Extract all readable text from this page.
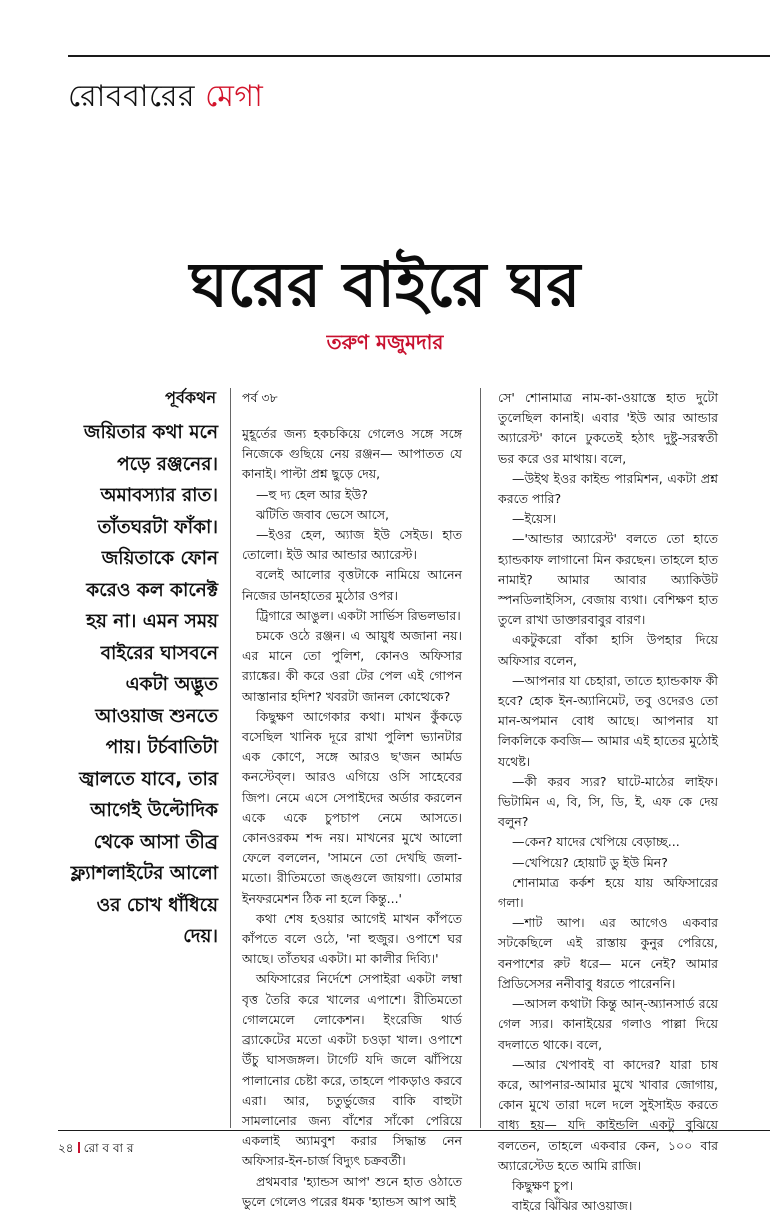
রোববারের মেগা
ঘরের বাইরে ঘর
তরুণ মজুমদার
পূর্বকথন

জয়িতার কথা মনে পড়ে রঞ্জনের। অমাবস্যার রাত। তাঁতঘরটা ফাঁকা। জয়িতাকে ফোন করেও কল কানেক্ট হয় না। এমন সময় বাইরের ঘাসবনে একটা অদ্ভুত আওয়াজ শুনতে পায়। টর্চবাতিটা জ্বালতে যাবে, তার আগেই উল্টোদিক থেকে আসা তীব্র ফ্ল্যাশলাইটের আলো ওর চোখ ধাঁধিয়ে দেয়।

পর্ব ৩৮

মুহূর্তের জন্য হকচকিয়ে গেলেও সঙ্গে সঙ্গে নিজেকে গুছিয়ে নেয় রঞ্জন— আপাতত যে কানাই। পাল্টা প্রশ্ন ছুড়ে দেয়,

—হু দ্য হেল আর ইউ?

ঝটিতি জবাব ভেসে আসে,

—ইওর হেল, অ্যাজ ইউ সেইড। হাত তোলো। ইউ আর আন্ডার অ্যারেস্ট।

বলেই আলোর বৃত্তটাকে নামিয়ে আনেন নিজের ডানহাতের মুঠোর ওপর।

ট্রিগারে আঙুল। একটা সার্ভিস রিভলভার।

চমকে ওঠে রঞ্জন। এ আয়ুধ অজানা নয়। এর মানে তো পুলিশ, কোনও অফিসার র‌্যাঙ্কের। কী করে ওরা টের পেল এই গোপন আস্তানার হদিশ? খবরটা জানল কোত্থেকে?

কিছুক্ষণ আগেকার কথা। মাখন কুঁকড়ে বসেছিল খানিক দূরে রাখা পুলিশ ভ্যানটার এক কোণে, সঙ্গে আরও ছ'জন আর্মড কনস্টেব্‌ল। আরও এগিয়ে ওসি সাহেবের জিপ। নেমে এসে সেপাইদের অর্ডার করলেন একে একে চুপচাপ নেমে আসতে। কোনওরকম শব্দ নয়। মাখনের মুখে আলো ফেলে বললেন, 'সামনে তো দেখছি জলা-মতো। রীতিমতো জঙ্গুলে জায়গা। তোমার ইনফরমেশন ঠিক না হলে কিন্তু...'

কথা শেষ হওয়ার আগেই মাখন কাঁপতে কাঁপতে বলে ওঠে, 'না হুজুর। ওপাশে ঘর আছে। তাঁতঘর একটা। মা কালীর দিব্যি।'

অফিসারের নির্দেশে সেপাইরা একটা লম্বা বৃত্ত তৈরি করে খালের এপাশে। রীতিমতো গোলমেলে লোকেশন। ইংরেজি থার্ড ব্র্যাকেটের মতো একটা চওড়া খাল। ওপাশে উঁচু ঘাসজঙ্গল। টার্গেট যদি জলে ঝাঁপিয়ে পালানোর চেষ্টা করে, তাহলে পাকড়াও করবে এরা। আর, চতুর্ভুজের বাকি বাহুটা সামলানোর জন্য বাঁশের সাঁকো পেরিয়ে একলাই অ্যামবুশ করার সিদ্ধান্ত নেন অফিসার-ইন-চার্জ বিদ্যুৎ চক্রবর্তী।

প্রথমবার 'হ্যান্ডস আপ' শুনে হাত ওঠাতে ভুলে গেলেও পরের ধমক 'হ্যান্ডস আপ আই

সে' শোনামাত্র নাম-কা-ওয়াস্তে হাত দুটো তুলেছিল কানাই। এবার 'ইউ আর আন্ডার অ্যারেস্ট' কানে ঢুকতেই হঠাৎ দুষ্টু-সরস্বতী ভর করে ওর মাথায়। বলে,

—উইথ ইওর কাইন্ড পারমিশন, একটা প্রশ্ন করতে পারি?

—ইয়েস।

—'আন্ডার অ্যারেস্ট' বলতে তো হাতে হ্যান্ডকাফ লাগানো মিন করছেন। তাহলে হাত নামাই? আমার আবার অ্যাকিউট স্পনডিলাইসিস, বেজায় ব্যথা। বেশিক্ষণ হাত তুলে রাখা ডাক্তারবাবুর বারণ।

একটুকরো বাঁকা হাসি উপহার দিয়ে অফিসার বলেন,

—আপনার যা চেহারা, তাতে হ্যান্ডকাফ কী হবে? হোক ইন-অ্যানিমেট, তবু ওদেরও তো মান-অপমান বোধ আছে। আপনার যা লিকলিকে কবজি— আমার এই হাতের মুঠোই যথেষ্ট।

—কী করব স্যর? ঘাটে-মাঠের লাইফ। ভিটামিন এ, বি, সি, ডি, ই, এফ কে দেয় বলুন?

—কেন? যাদের খেপিয়ে বেড়াচ্ছ...

—খেপিয়ে? হোয়াট ডু ইউ মিন?

শোনামাত্র কর্কশ হয়ে যায় অফিসারের গলা।

—শাট আপ। এর আগেও একবার সটকেছিলে এই রাস্তায় কুনুর পেরিয়ে, বনপাশের রুট ধরে— মনে নেই? আমার প্রিডিসেসর ননীবাবু ধরতে পারেননি।

—আসল কথাটা কিন্তু আন্-অ্যানসার্ড রয়ে গেল স্যর। কানাইয়ের গলাও পাল্লা দিয়ে বদলাতে থাকে। বলে,

—আর খেপাবই বা কাদের? যারা চাষ করে, আপনার-আমার মুখে খাবার জোগায়, কোন মুখে তারা দলে দলে সুইসাইড করতে বাধ্য হয়— যদি কাইন্ডলি একটু বুঝিয়ে বলতেন, তাহলে একবার কেন, ১০০ বার অ্যারেস্টেড হতে আমি রাজি।

কিছুক্ষণ চুপ।

বাইরে ঝিঁঝির আওয়াজ।

২৪ রো ব বা র
